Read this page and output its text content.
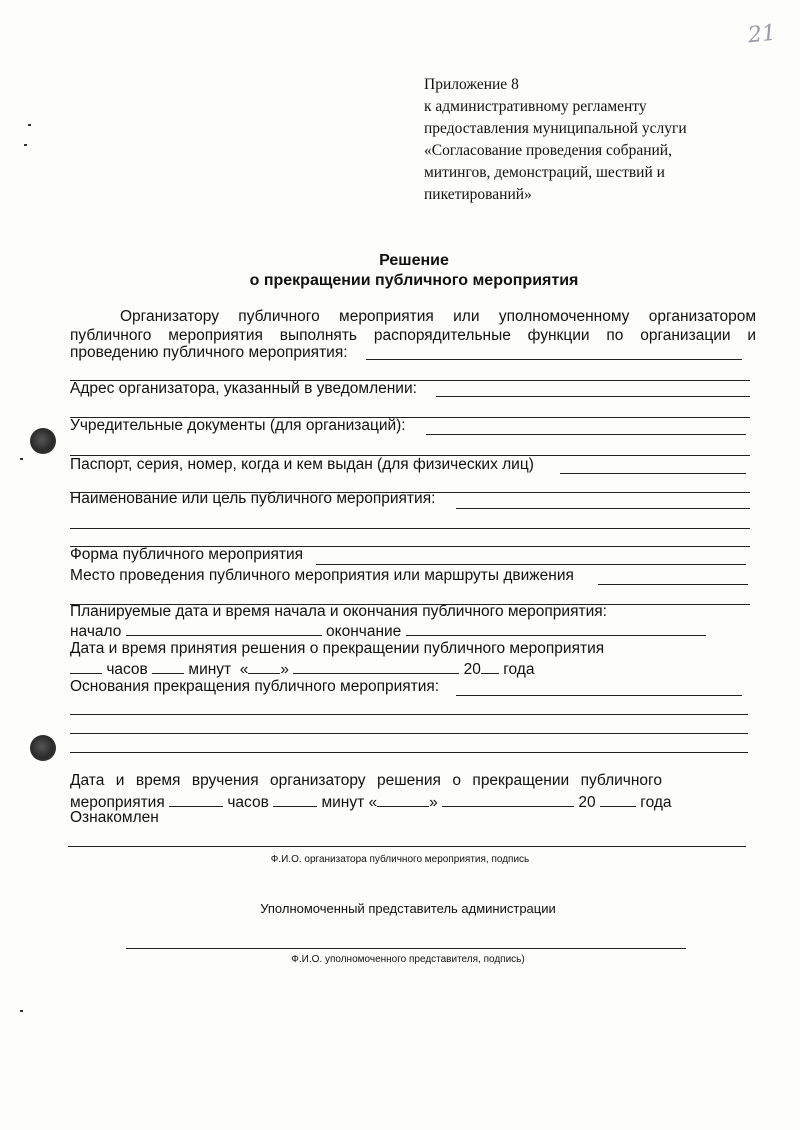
21
Приложение 8
к административному регламенту
предоставления муниципальной услуги
«Согласование проведения собраний,
митингов, демонстраций, шествий и
пикетирований»
Решение
о прекращении публичного мероприятия
Организатору публичного мероприятия или уполномоченному организатором
публичного мероприятия выполнять распорядительные функции по организации и
проведению публичного мероприятия:
Адрес организатора, указанный в уведомлении:
Учредительные документы (для организаций):
Паспорт, серия, номер, когда и кем выдан (для физических лиц)
Наименование или цель публичного мероприятия:
Форма публичного мероприятия
Место проведения публичного мероприятия или маршруты движения
Планируемые дата и время начала и окончания публичного мероприятия:
начало	окончание
Дата и время принятия решения о прекращении публичного мероприятия
часов	минут « »	20 года
Основания прекращения публичного мероприятия:
Дата и время вручения организатору решения о прекращении публичного
мероприятия	часов	минут «	»	20	года
Ознакомлен
Ф.И.О. организатора публичного мероприятия, подпись
Уполномоченный представитель администрации
Ф.И.О. уполномоченного представителя, подпись)
